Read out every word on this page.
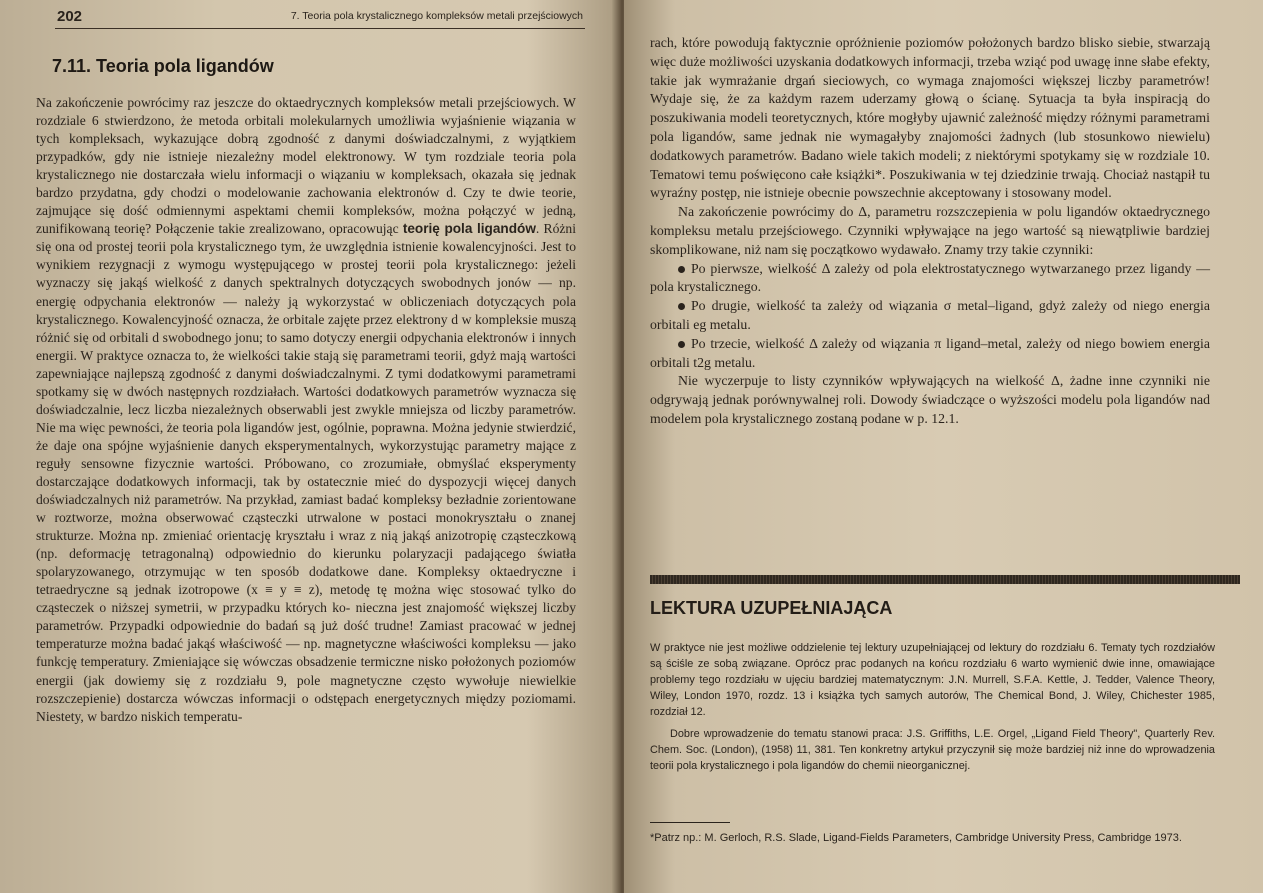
202	7. Teoria pola krystalicznego kompleksów metali przejściowych
7.11. Teoria pola ligandów

Na zakończenie powrócimy raz jeszcze do oktaedrycznych kompleksów metali przejściowych. W rozdziale 6 stwierdzono, że metoda orbitali molekularnych umożliwia wyjaśnienie wiązania w tych kompleksach, wykazujące dobrą zgodność z danymi doświadczalnymi, z wyjątkiem przypadków, gdy nie istnieje niezależny model elektronowy. W tym rozdziale teoria pola krystalicznego nie dostarczała wielu informacji o wiązaniu w kompleksach, okazała się jednak bardzo przydatna, gdy chodzi o modelowanie zachowania elektronów d. Czy te dwie teorie, zajmujące się dość odmiennymi aspektami chemii kompleksów, można połączyć w jedną, zunifikowaną teorię? Połączenie takie zrealizowano, opracowując teorię pola ligandów. Różni się ona od prostej teorii pola krystalicznego tym, że uwzględnia istnienie kowalencyjności. Jest to wynikiem rezygnacji z wymogu występującego w prostej teorii pola krystalicznego: jeżeli wyznaczy się jakąś wielkość z danych spektralnych dotyczących swobodnych jonów — np. energię odpychania elektronów — należy ją wykorzystać w obliczeniach dotyczących pola krystalicznego. Kowalencyjność oznacza, że orbitale zajęte przez elektrony d w kompleksie muszą różnić się od orbitali d swobodnego jonu; to samo dotyczy energii odpychania elektronów i innych energii. W praktyce oznacza to, że wielkości takie stają się parametrami teorii, gdyż mają wartości zapewniające najlepszą zgodność z danymi doświadczalnymi. Z tymi dodatkowymi parametrami spotkamy się w dwóch następnych rozdziałach. Wartości dodatkowych parametrów wyznacza się doświadczalnie, lecz liczba niezależnych obserwabli jest zwykle mniejsza od liczby parametrów. Nie ma więc pewności, że teoria pola ligandów jest, ogólnie, poprawna. Można jedynie stwierdzić, że daje ona spójne wyjaśnienie danych eksperymentalnych, wykorzystując parametry mające z reguły sensowne fizycznie wartości. Próbowano, co zrozumiałe, obmyślać eksperymenty dostarczające dodatkowych informacji, tak by ostatecznie mieć do dyspozycji więcej danych doświadczalnych niż parametrów. Na przykład, zamiast badać kompleksy bezładnie zorientowane w roztworze, można obserwować cząsteczki utrwalone w postaci monokryształu o znanej strukturze. Można np. zmieniać orientację kryształu i wraz z nią jakąś anizotropię cząsteczkową (np. deformację tetragonalną) odpowiednio do kierunku polaryzacji padającego światła spolaryzowanego, otrzymując w ten sposób dodatkowe dane. Kompleksy oktaedryczne i tetraedryczne są jednak izotropowe (x ≡ y ≡ z), metodę tę można więc stosować tylko do cząsteczek o niższej symetrii, w przypadku których ko- nieczna jest znajomość większej liczby parametrów. Przypadki odpowiednie do badań są już dość trudne! Zamiast pracować w jednej temperaturze można badać jakąś właściwość — np. magnetyczne właściwości kompleksu — jako funkcję temperatury. Zmieniające się wówczas obsadzenie termiczne nisko położonych poziomów energii (jak dowiemy się z rozdziału 9, pole magnetyczne często wywołuje niewielkie rozszczepienie) dostarcza wówczas informacji o odstępach energetycznych między poziomami. Niestety, w bardzo niskich temperatu-

rach, które powodują faktycznie opróżnienie poziomów położonych bardzo blisko siebie, stwarzają więc duże możliwości uzyskania dodatkowych informacji, trzeba wziąć pod uwagę inne słabe efekty, takie jak wymrażanie drgań sieciowych, co wymaga znajomości większej liczby parametrów! Wydaje się, że za każdym razem uderzamy głową o ścianę. Sytuacja ta była inspiracją do poszukiwania modeli teoretycznych, które mogłyby ujawnić zależność między różnymi parametrami pola ligandów, same jednak nie wymagałyby znajomości żadnych (lub stosunkowo niewielu) dodatkowych parametrów. Badano wiele takich modeli; z niektórymi spotykamy się w rozdziale 10. Tematowi temu poświęcono całe książki*. Poszukiwania w tej dziedzinie trwają. Chociaż nastąpił tu wyraźny postęp, nie istnieje obecnie powszechnie akceptowany i stosowany model.

Na zakończenie powrócimy do Δ, parametru rozszczepienia w polu ligandów oktaedrycznego kompleksu metalu przejściowego. Czynniki wpływające na jego wartość są niewątpliwie bardziej skomplikowane, niż nam się początkowo wydawało. Znamy trzy takie czynniki:

Po pierwsze, wielkość Δ zależy od pola elektrostatycznego wytwarzanego przez ligandy — pola krystalicznego.

Po drugie, wielkość ta zależy od wiązania σ metal–ligand, gdyż zależy od niego energia orbitali eg metalu.

Po trzecie, wielkość Δ zależy od wiązania π ligand–metal, zależy od niego bowiem energia orbitali t2g metalu.

Nie wyczerpuje to listy czynników wpływających na wielkość Δ, żadne inne czynniki nie odgrywają jednak porównywalnej roli. Dowody świadczące o wyższości modelu pola ligandów nad modelem pola krystalicznego zostaną podane w p. 12.1.

LEKTURA UZUPEŁNIAJĄCA

W praktyce nie jest możliwe oddzielenie tej lektury uzupełniającej od lektury do rozdziału 6. Tematy tych rozdziałów są ściśle ze sobą związane. Oprócz prac podanych na końcu rozdziału 6 warto wymienić dwie inne, omawiające problemy tego rozdziału w ujęciu bardziej matematycznym: J.N. Murrell, S.F.A. Kettle, J. Tedder, Valence Theory, Wiley, London 1970, rozdz. 13 i książka tych samych autorów, The Chemical Bond, J. Wiley, Chichester 1985, rozdział 12.

Dobre wprowadzenie do tematu stanowi praca: J.S. Griffiths, L.E. Orgel, „Ligand Field Theory", Quarterly Rev. Chem. Soc. (London), (1958) 11, 381. Ten konkretny artykuł przyczynił się może bardziej niż inne do wprowadzenia teorii pola krystalicznego i pola ligandów do chemii nieorganicznej.

*Patrz np.: M. Gerloch, R.S. Slade, Ligand-Fields Parameters, Cambridge University Press, Cambridge 1973.
